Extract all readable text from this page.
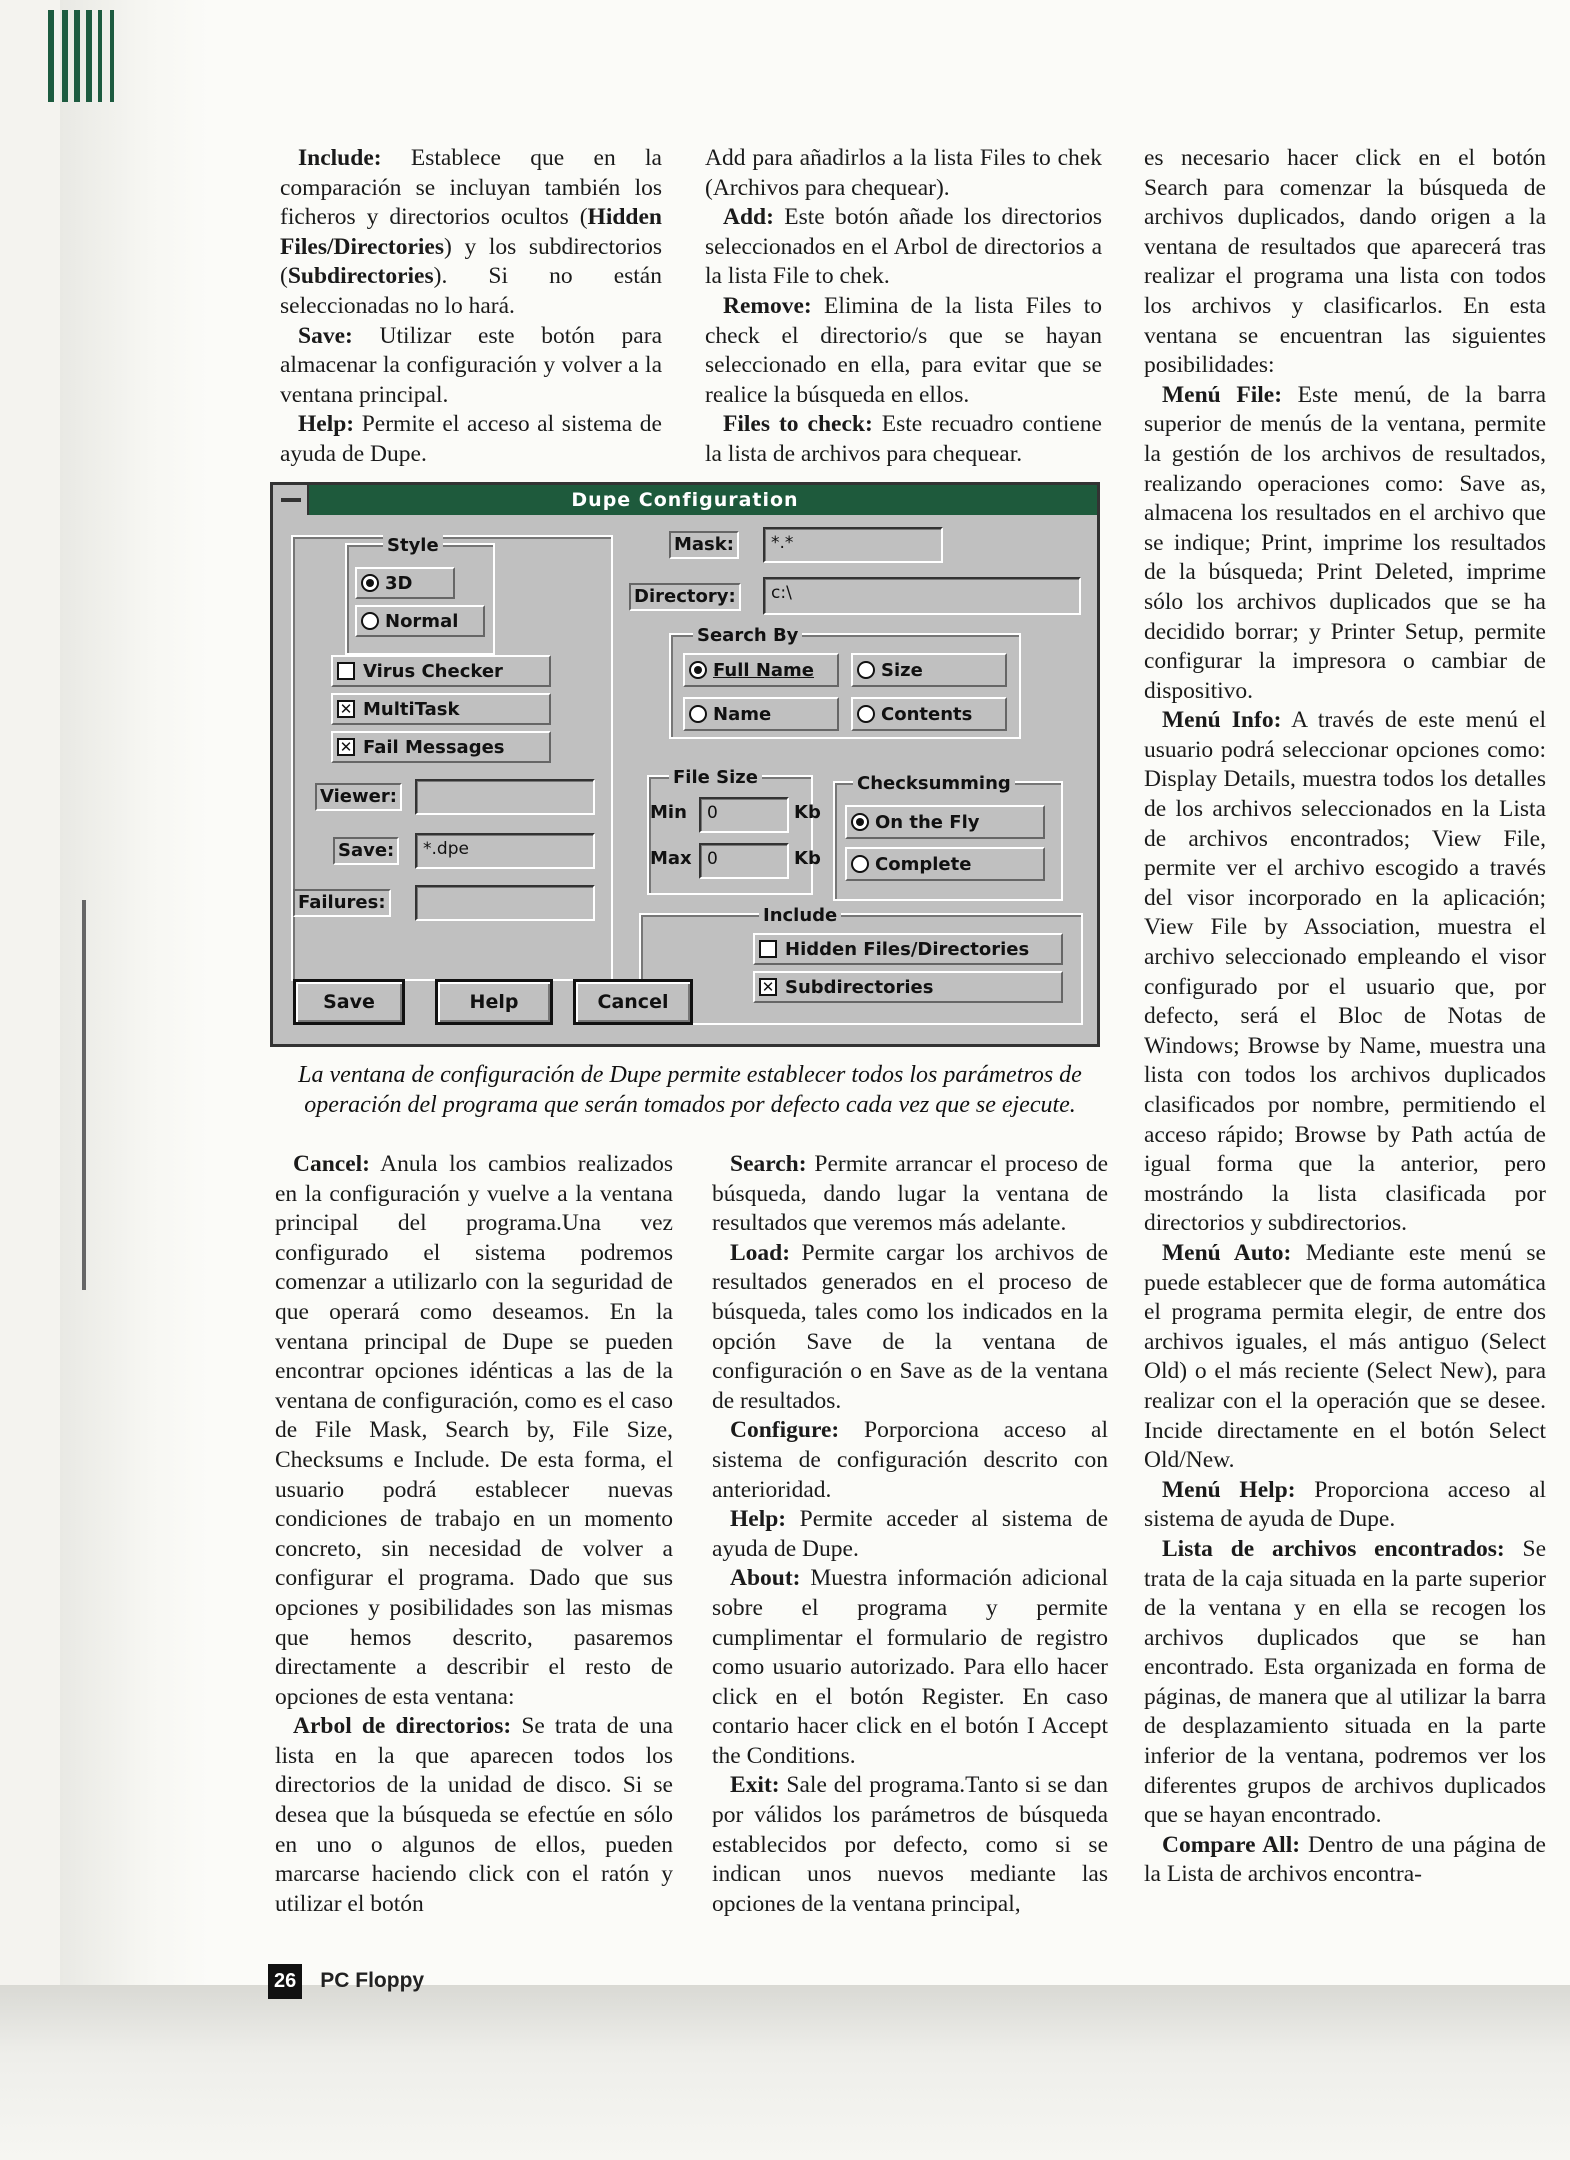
Include: Establece que en la comparación se incluyan también los ficheros y directorios ocultos (Hidden Files/Directories) y los subdirectorios (Subdirectories). Si no están seleccionadas no lo hará.

Save: Utilizar este botón para almacenar la configuración y volver a la ventana principal.

Help: Permite el acceso al sistema de ayuda de Dupe.

Add para añadirlos a la lista Files to chek (Archivos para chequear).

Add: Este botón añade los directorios seleccionados en el Arbol de directorios a la lista File to chek.

Remove: Elimina de la lista Files to check el directorio/s que se hayan seleccionado en ella, para evitar que se realice la búsqueda en ellos.

Files to check: Este recuadro contiene la lista de archivos para chequear.

es necesario hacer click en el botón Search para comenzar la búsqueda de archivos duplicados, dando origen a la ventana de resultados que aparecerá tras realizar el programa una lista con todos los archivos y clasificarlos. En esta ventana se encuentran las siguientes posibilidades:

Menú File: Este menú, de la barra superior de menús de la ventana, permite la gestión de los archivos de resultados, realizando operaciones como: Save as, almacena los resultados en el archivo que se indique; Print, imprime los resultados de la búsqueda; Print Deleted, imprime sólo los archivos duplicados que se ha decidido borrar; y Printer Setup, permite configurar la impresora o cambiar de dispositivo.

Menú Info: A través de este menú el usuario podrá seleccionar opciones como: Display Details, muestra todos los detalles de los archivos seleccionados en la Lista de archivos encontrados; View File, permite ver el archivo escogido a través del visor incorporado en la aplicación; View File by Association, muestra el archivo seleccionado empleando el visor configurado por el usuario que, por defecto, será el Bloc de Notas de Windows; Browse by Name, muestra una lista con todos los archivos duplicados clasificados por nombre, permitiendo el acceso rápido; Browse by Path actúa de igual forma que la anterior, pero mostrándo la lista clasificada por directorios y subdirectorios.

Menú Auto: Mediante este menú se puede establecer que de forma automática el programa permita elegir, de entre dos archivos iguales, el más antiguo (Select Old) o el más reciente (Select New), para realizar con el la operación que se desee. Incide directamente en el botón Select Old/New.

Menú Help: Proporciona acceso al sistema de ayuda de Dupe.

Lista de archivos encontrados: Se trata de la caja situada en la parte superior de la ventana y en ella se recogen los archivos duplicados que se han encontrado. Esta organizada en forma de páginas, de manera que al utilizar la barra de desplazamiento situada en la parte inferior de la ventana, podremos ver los diferentes grupos de archivos duplicados que se hayan encontrado.

Compare All: Dentro de una página de la Lista de archivos encontra-

Cancel: Anula los cambios realizados en la configuración y vuelve a la ventana principal del programa.Una vez configurado el sistema podremos comenzar a utilizarlo con la seguridad de que operará como deseamos. En la ventana principal de Dupe se pueden encontrar opciones idénticas a las de la ventana de configuración, como es el caso de File Mask, Search by, File Size, Checksums e Include. De esta forma, el usuario podrá establecer nuevas condiciones de trabajo en un momento concreto, sin necesidad de volver a configurar el programa. Dado que sus opciones y posibilidades son las mismas que hemos descrito, pasaremos directamente a describir el resto de opciones de esta ventana:

Arbol de directorios: Se trata de una lista en la que aparecen todos los directorios de la unidad de disco. Si se desea que la búsqueda se efectúe en sólo en uno o algunos de ellos, pueden marcarse haciendo click con el ratón y utilizar el botón

Search: Permite arrancar el proceso de búsqueda, dando lugar la ventana de resultados que veremos más adelante.

Load: Permite cargar los archivos de resultados generados en el proceso de búsqueda, tales como los indicados en la opción Save de la ventana de configuración o en Save as de la ventana de resultados.

Configure: Porporciona acceso al sistema de configuración descrito con anterioridad.

Help: Permite acceder al sistema de ayuda de Dupe.

About: Muestra información adicional sobre el programa y permite cumplimentar el formulario de registro como usuario autorizado. Para ello hacer click en el botón Register. En caso contario hacer click en el botón I Accept the Conditions.

Exit: Sale del programa.Tanto si se dan por válidos los parámetros de búsqueda establecidos por defecto, como si se indican unos nuevos mediante las opciones de la ventana principal,

Dupe Configuration
Style
3D
Normal
Virus Checker
✕ MultiTask
✕ Fail Messages
Viewer:
Save:	*.dpe
Failures:
Mask:	*.*
Directory:	c:\
Search By
Full Name	Size
Name	Contents
File Size
Min	0	Kb
Max 0	Kb
Checksumming
On the Fly
Complete
Include
Hidden Files/Directories
✕ Subdirectories
Save	Help	Cancel
La ventana de configuración de Dupe permite establecer todos los parámetros de operación del programa que serán tomados por defecto cada vez que se ejecute.
26 PC Floppy
